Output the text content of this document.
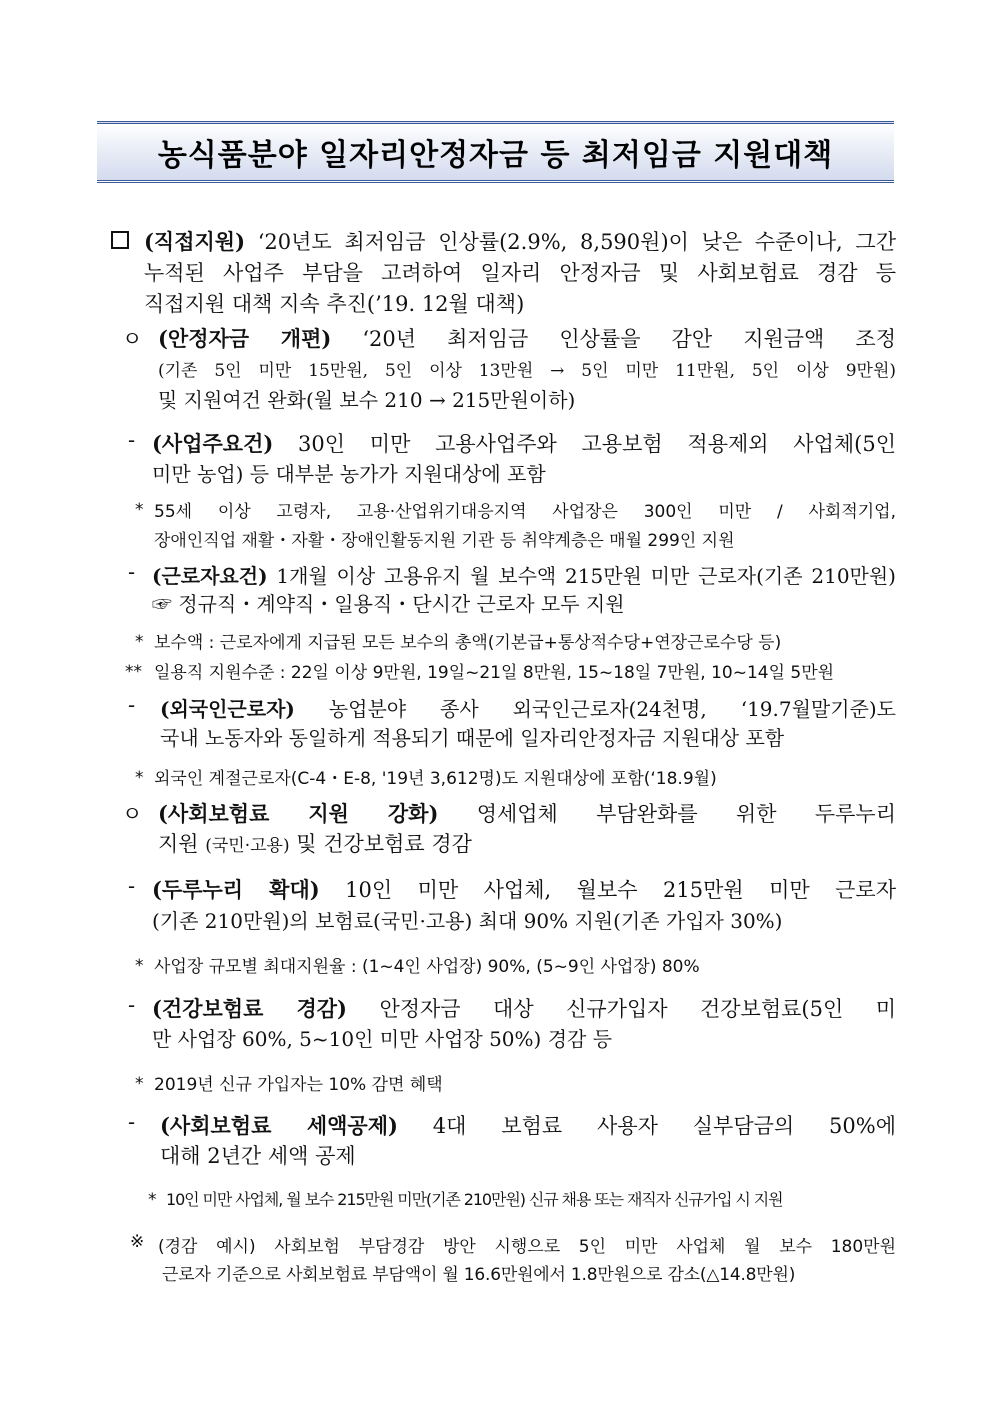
농식품분야 일자리안정자금 등 최저임금 지원대책
(직접지원) ‘20년도 최저임금 인상률(2.9%, 8,590원)이 낮은 수준이나, 그간
누적된 사업주 부담을 고려하여 일자리 안정자금 및 사회보험료 경감 등
직접지원 대책 지속 추진(’19. 12월 대책)
ㅇ (안정자금 개편) ‘20년 최저임금 인상률을 감안 지원금액 조정
(기존 5인 미만 15만원, 5인 이상 13만원 → 5인 미만 11만원, 5인 이상 9만원)
및 지원여건 완화(월 보수 210 → 215만원이하)
- (사업주요건) 30인 미만 고용사업주와 고용보험 적용제외 사업체(5인
미만 농업) 등 대부분 농가가 지원대상에 포함
* 55세 이상 고령자, 고용·산업위기대응지역 사업장은 300인 미만 / 사회적기업,
장애인직업 재활・자활・장애인활동지원 기관 등 취약계층은 매월 299인 지원
- (근로자요건) 1개월 이상 고용유지 월 보수액 215만원 미만 근로자(기존 210만원)
☞ 정규직・계약직・일용직・단시간 근로자 모두 지원
* 보수액 : 근로자에게 지급된 모든 보수의 총액(기본급+통상적수당+연장근로수당 등)
** 일용직 지원수준 : 22일 이상 9만원, 19일~21일 8만원, 15~18일 7만원, 10~14일 5만원
- (외국인근로자) 농업분야 종사 외국인근로자(24천명, ‘19.7월말기준)도
국내 노동자와 동일하게 적용되기 때문에 일자리안정자금 지원대상 포함
* 외국인 계절근로자(C-4・E-8, '19년 3,612명)도 지원대상에 포함(‘18.9월)
ㅇ (사회보험료 지원 강화) 영세업체 부담완화를 위한 두루누리
지원 (국민·고용) 및 건강보험료 경감
- (두루누리 확대) 10인 미만 사업체, 월보수 215만원 미만 근로자
(기존 210만원)의 보험료(국민·고용) 최대 90% 지원(기존 가입자 30%)
* 사업장 규모별 최대지원율 : (1~4인 사업장) 90%, (5~9인 사업장) 80%
- (건강보험료 경감) 안정자금 대상 신규가입자 건강보험료(5인 미
만 사업장 60%, 5~10인 미만 사업장 50%) 경감 등
* 2019년 신규 가입자는 10% 감면 혜택
- (사회보험료 세액공제) 4대 보험료 사용자 실부담금의 50%에
대해 2년간 세액 공제
* 10인 미만 사업체, 월 보수 215만원 미만(기존 210만원) 신규 채용 또는 재직자 신규가입 시 지원
※ (경감 예시) 사회보험 부담경감 방안 시행으로 5인 미만 사업체 월 보수 180만원
근로자 기준으로 사회보험료 부담액이 월 16.6만원에서 1.8만원으로 감소(△14.8만원)
